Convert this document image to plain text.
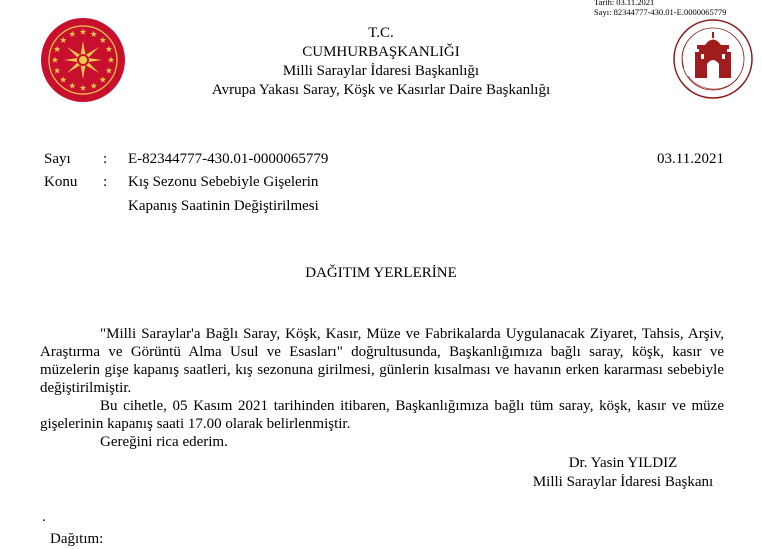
Tarih: 03.11.2021
Sayı: 82344777-430.01-E.0000065779
T.C.
CUMHURBAŞKANLIĞI
Milli Saraylar İdaresi Başkanlığı
Avrupa Yakası Saray, Köşk ve Kasırlar Daire Başkanlığı
Sayı : E-82344777-430.01-0000065779	03.11.2021
Konu : Kış Sezonu Sebebiyle Gişelerin
Kapanış Saatinin Değiştirilmesi
DAĞITIM YERLERİNE
"Milli Saraylar'a Bağlı Saray, Köşk, Kasır, Müze ve Fabrikalarda Uygulanacak Ziyaret, Tahsis, Arşiv, Araştırma ve Görüntü Alma Usul ve Esasları" doğrultusunda, Başkanlığımıza bağlı saray, köşk, kasır ve müzelerin gişe kapanış saatleri, kış sezonuna girilmesi, günlerin kısalması ve havanın erken kararması sebebiyle değiştirilmiştir.
Bu cihetle, 05 Kasım 2021 tarihinden itibaren, Başkanlığımıza bağlı tüm saray, köşk, kasır ve müze gişelerinin kapanış saati 17.00 olarak belirlenmiştir.
Gereğini rica ederim.
Dr. Yasin YILDIZ
Milli Saraylar İdaresi Başkanı
.
Dağıtım:
